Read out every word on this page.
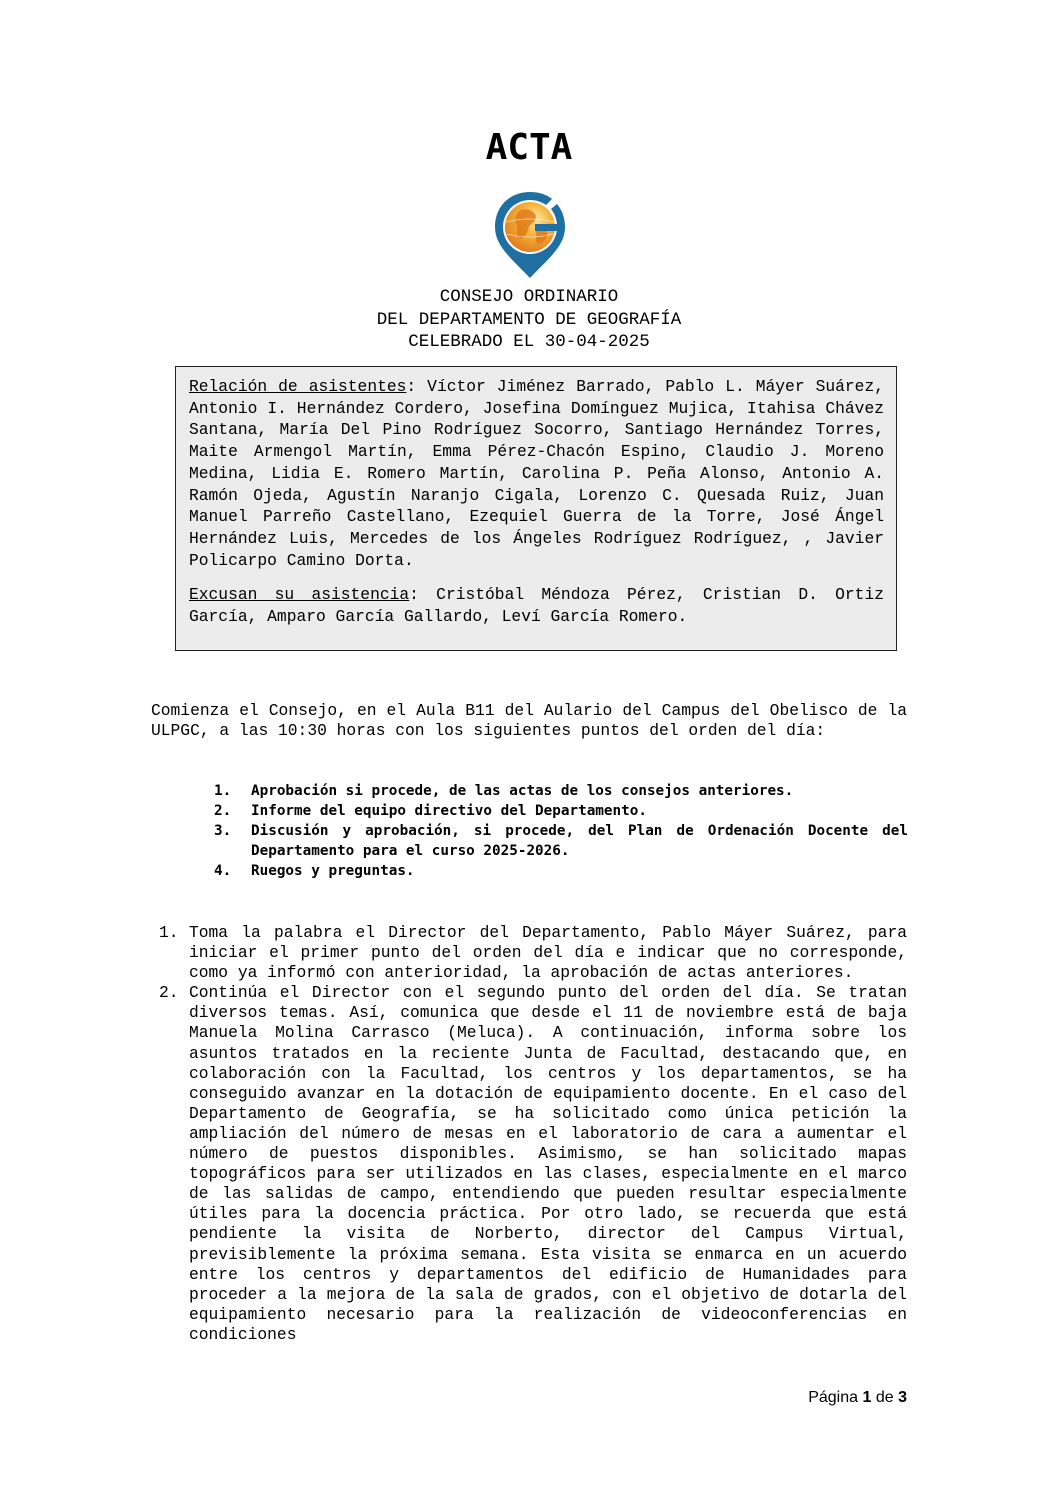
ACTA
CONSEJO ORDINARIO
DEL DEPARTAMENTO DE GEOGRAFÍA
CELEBRADO EL 30-04-2025

Relación de asistentes: Víctor Jiménez Barrado, Pablo L. Máyer Suárez, Antonio I. Hernández Cordero, Josefina Domínguez Mujica, Itahisa Chávez Santana, María Del Pino Rodríguez Socorro, Santiago Hernández Torres, Maite Armengol Martín, Emma Pérez-Chacón Espino, Claudio J. Moreno Medina, Lidia E. Romero Martín, Carolina P. Peña Alonso, Antonio A. Ramón Ojeda, Agustín Naranjo Cigala, Lorenzo C. Quesada Ruiz, Juan Manuel Parreño Castellano, Ezequiel Guerra de la Torre, José Ángel Hernández Luis, Mercedes de los Ángeles Rodríguez Rodríguez, , Javier Policarpo Camino Dorta.

Excusan su asistencia: Cristóbal Méndoza Pérez, Cristian D. Ortiz García, Amparo García Gallardo, Leví García Romero.

Comienza el Consejo, en el Aula B11 del Aulario del Campus del Obelisco de la ULPGC, a las 10:30 horas con los siguientes puntos del orden del día:

1.	Aprobación si procede, de las actas de los consejos anteriores.
2.	Informe del equipo directivo del Departamento.
3.	Discusión y aprobación, si procede, del Plan de Ordenación Docente del Departamento para el curso 2025-2026.
4.	Ruegos y preguntas.
1. Toma la palabra el Director del Departamento, Pablo Máyer Suárez, para iniciar el primer punto del orden del día e indicar que no corresponde, como ya informó con anterioridad, la aprobación de actas anteriores.
2. Continúa el Director con el segundo punto del orden del día. Se tratan diversos temas. Así, comunica que desde el 11 de noviembre está de baja Manuela Molina Carrasco (Meluca). A continuación, informa sobre los asuntos tratados en la reciente Junta de Facultad, destacando que, en colaboración con la Facultad, los centros y los departamentos, se ha conseguido avanzar en la dotación de equipamiento docente. En el caso del Departamento de Geografía, se ha solicitado como única petición la ampliación del número de mesas en el laboratorio de cara a aumentar el número de puestos disponibles. Asimismo, se han solicitado mapas topográficos para ser utilizados en las clases, especialmente en el marco de las salidas de campo, entendiendo que pueden resultar especialmente útiles para la docencia práctica. Por otro lado, se recuerda que está pendiente la visita de Norberto, director del Campus Virtual, previsiblemente la próxima semana. Esta visita se enmarca en un acuerdo entre los centros y departamentos del edificio de Humanidades para proceder a la mejora de la sala de grados, con el objetivo de dotarla del equipamiento necesario para la realización de videoconferencias en condiciones
Página 1 de 3
